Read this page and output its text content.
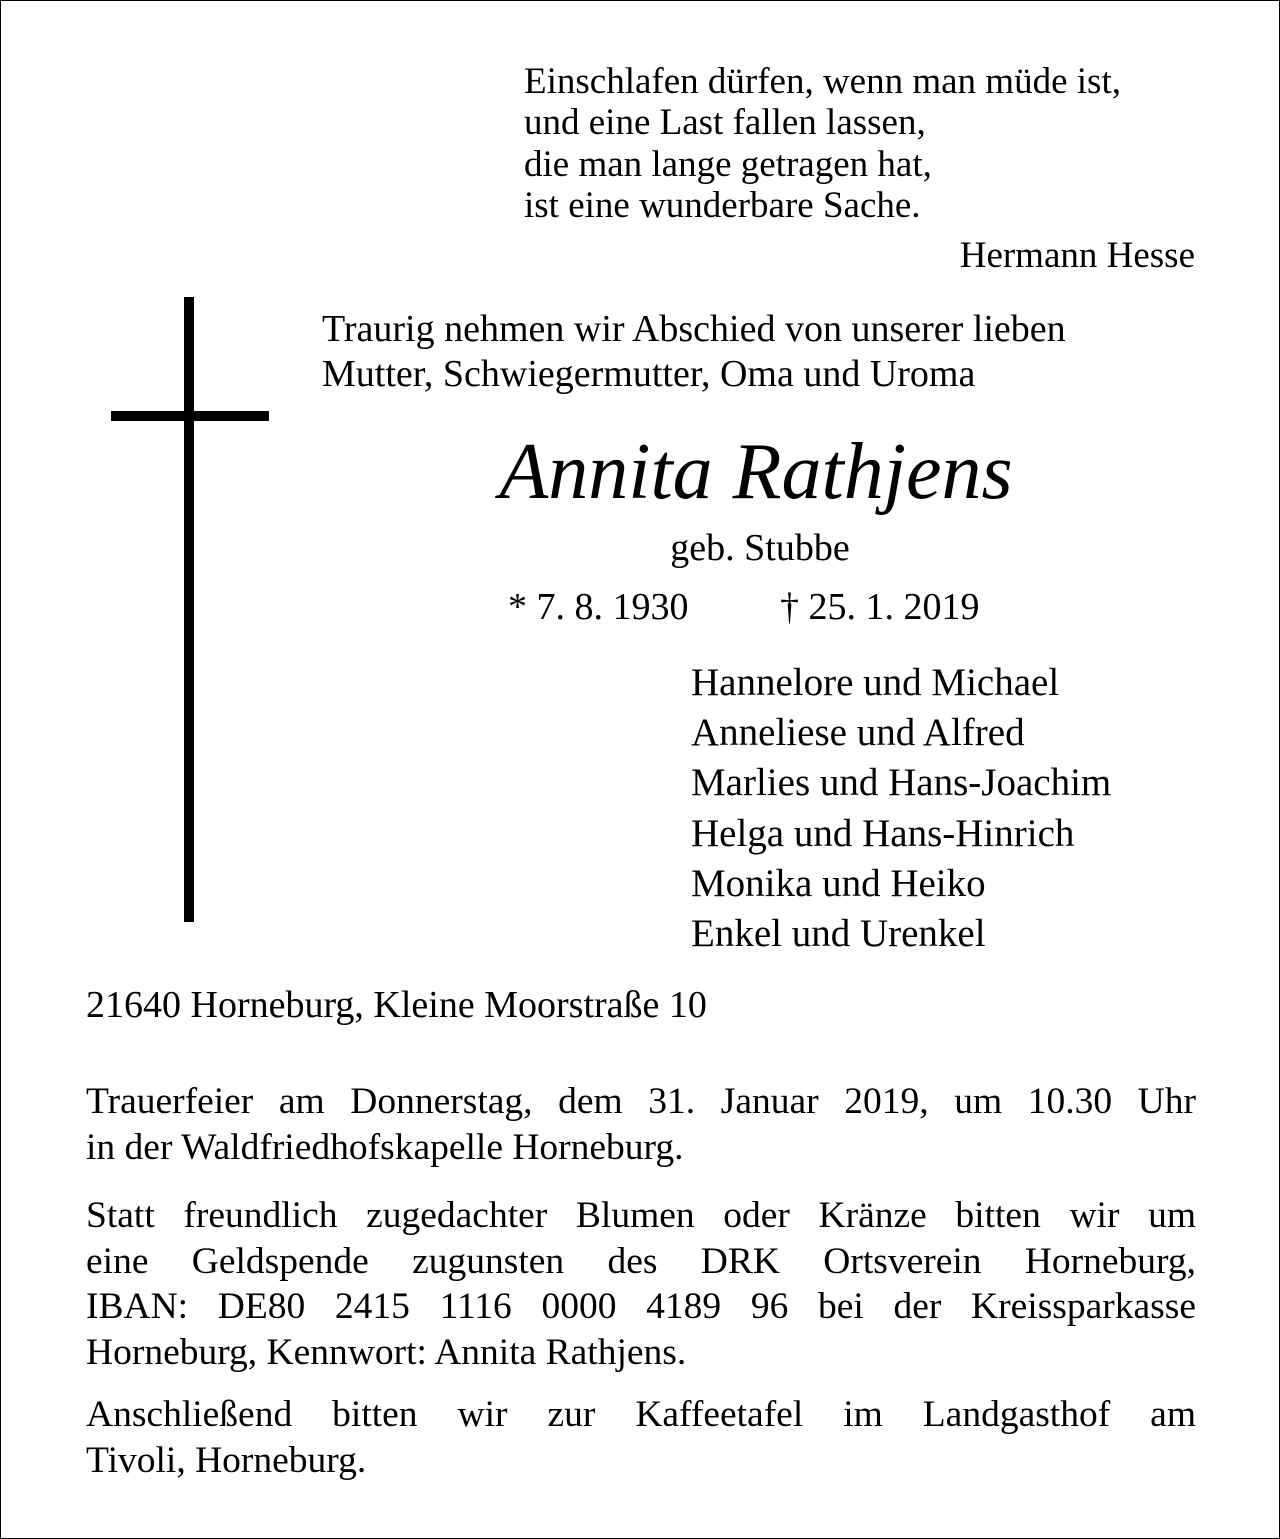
Einschlafen dürfen, wenn man müde ist,
und eine Last fallen lassen,
die man lange getragen hat,
ist eine wunderbare Sache.
Hermann Hesse
Traurig nehmen wir Abschied von unserer lieben
Mutter, Schwiegermutter, Oma und Uroma
Annita Rathjens
geb. Stubbe
* 7. 8. 1930 † 25. 1. 2019
Hannelore und Michael
Anneliese und Alfred
Marlies und Hans-Joachim
Helga und Hans-Hinrich
Monika und Heiko
Enkel und Urenkel
21640 Horneburg, Kleine Moorstraße 10
Trauerfeier am Donnerstag, dem 31. Januar 2019, um 10.30 Uhr
in der Waldfriedhofskapelle Horneburg.
Statt freundlich zugedachter Blumen oder Kränze bitten wir um
eine Geldspende zugunsten des DRK Ortsverein Horneburg,
IBAN: DE80 2415 1116 0000 4189 96 bei der Kreissparkasse
Horneburg, Kennwort: Annita Rathjens.
Anschließend bitten wir zur Kaffeetafel im Landgasthof am
Tivoli, Horneburg.
